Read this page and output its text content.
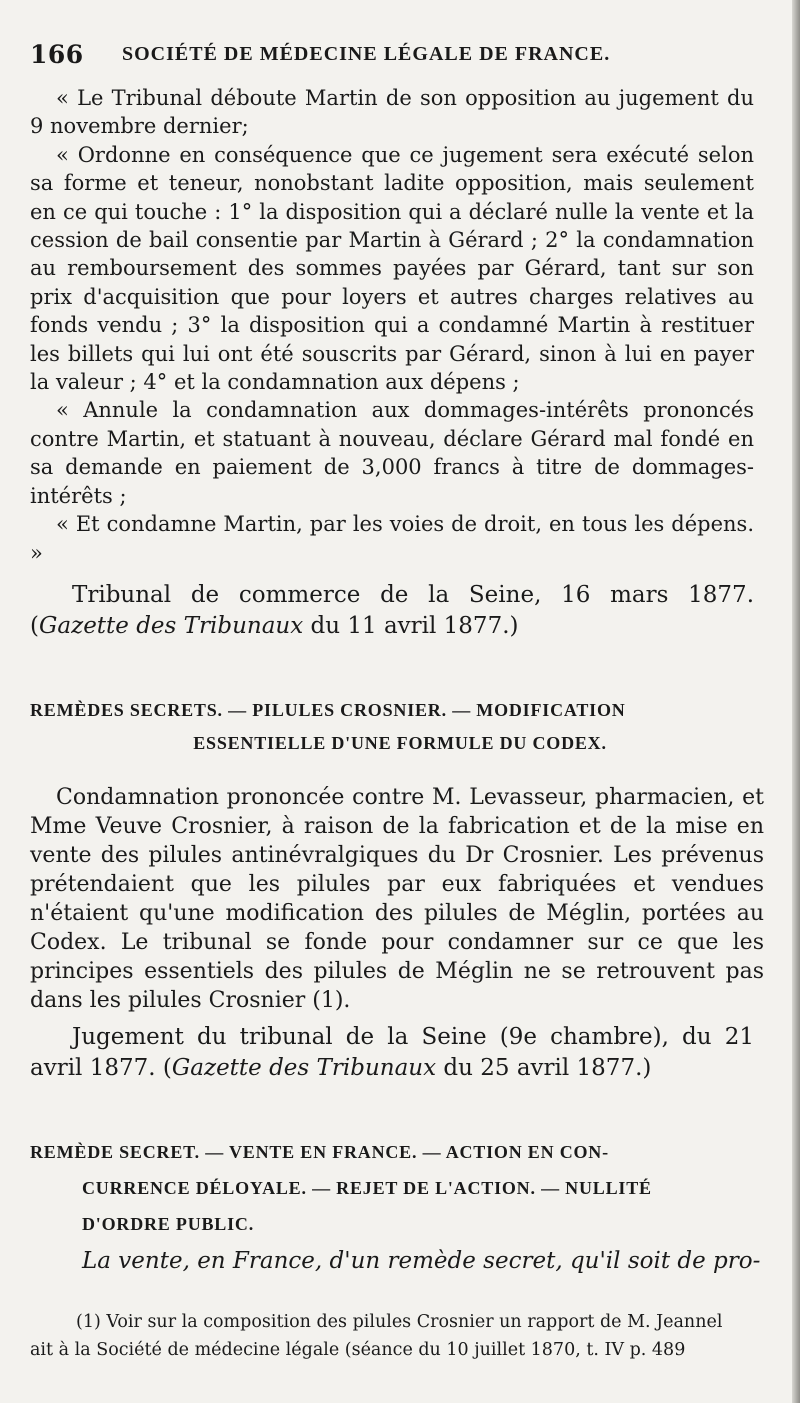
166 SOCIÉTÉ DE MÉDECINE LÉGALE DE FRANCE.

« Le Tribunal déboute Martin de son opposition au jugement du 9 novembre dernier;

« Ordonne en conséquence que ce jugement sera exécuté selon sa forme et teneur, nonobstant ladite opposition, mais seulement en ce qui touche : 1° la disposition qui a déclaré nulle la vente et la cession de bail consentie par Martin à Gérard ; 2° la condamnation au remboursement des sommes payées par Gérard, tant sur son prix d'acquisition que pour loyers et autres charges relatives au fonds vendu ; 3° la disposition qui a condamné Martin à restituer les billets qui lui ont été souscrits par Gérard, sinon à lui en payer la valeur ; 4° et la condamnation aux dépens ;

« Annule la condamnation aux dommages-intérêts prononcés contre Martin, et statuant à nouveau, déclare Gérard mal fondé en sa demande en paiement de 3,000 francs à titre de dommages-intérêts ;

« Et condamne Martin, par les voies de droit, en tous les dépens. »

Tribunal de commerce de la Seine, 16 mars 1877. (Gazette des Tribunaux du 11 avril 1877.)

REMÈDES SECRETS. — PILULES CROSNIER. — MODIFICATION
ESSENTIELLE D'UNE FORMULE DU CODEX.

Condamnation prononcée contre M. Levasseur, pharmacien, et Mme Veuve Crosnier, à raison de la fabrication et de la mise en vente des pilules antinévralgiques du Dr Crosnier. Les prévenus prétendaient que les pilules par eux fabriquées et vendues n'étaient qu'une modification des pilules de Méglin, portées au Codex. Le tribunal se fonde pour condamner sur ce que les principes essentiels des pilules de Méglin ne se retrouvent pas dans les pilules Crosnier (1).

Jugement du tribunal de la Seine (9e chambre), du 21 avril 1877. (Gazette des Tribunaux du 25 avril 1877.)

REMÈDE SECRET. — VENTE EN FRANCE. — ACTION EN CON-
CURRENCE DÉLOYALE. — REJET DE L'ACTION. — NULLITÉ
D'ORDRE PUBLIC.

La vente, en France, d'un remède secret, qu'il soit de pro-

(1) Voir sur la composition des pilules Crosnier un rapport de M. Jeannel
ait à la Société de médecine légale (séance du 10 juillet 1870, t. IV p. 489
